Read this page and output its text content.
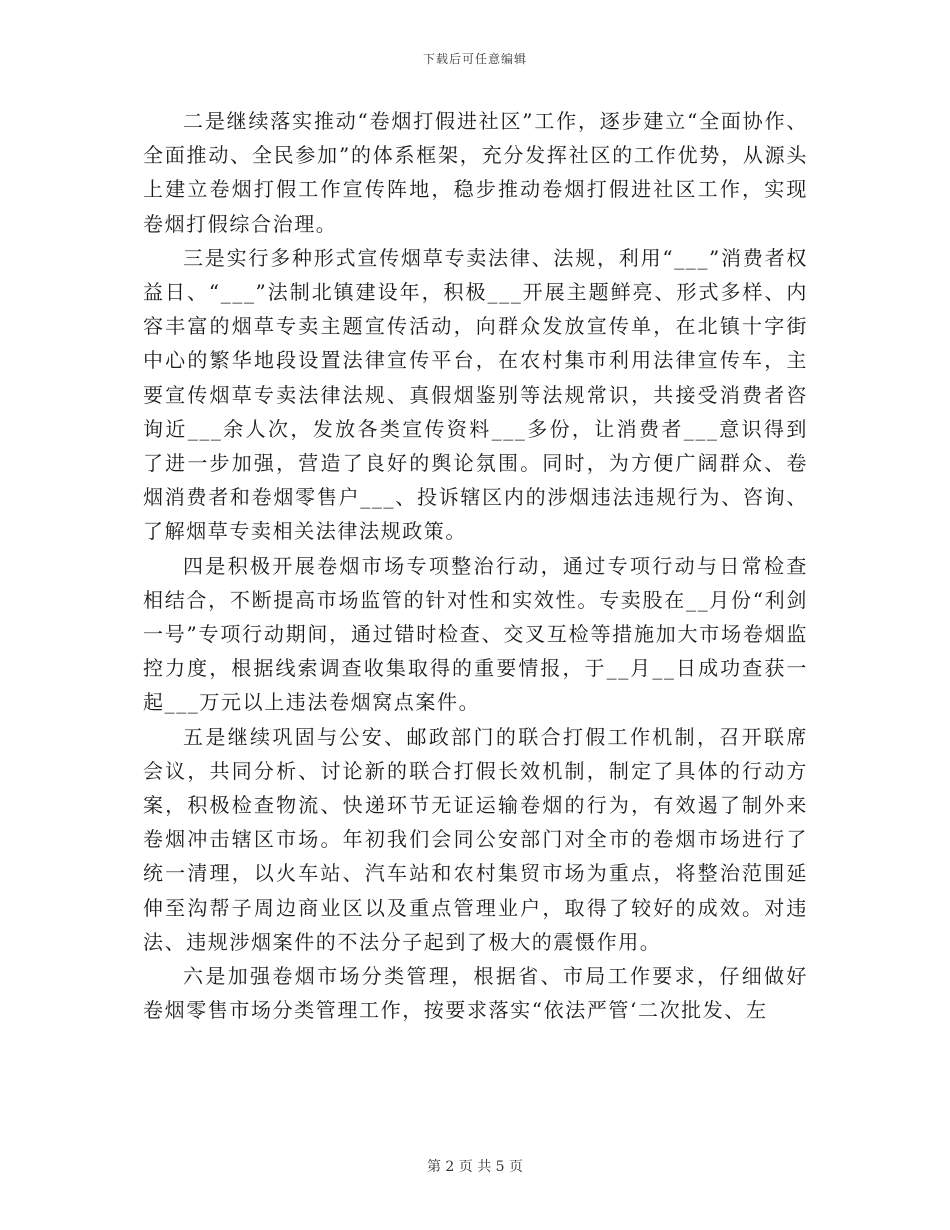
下载后可任意编辑

二是继续落实推动“卷烟打假进社区”工作，逐步建立“全面协作、全面推动、全民参加”的体系框架，充分发挥社区的工作优势，从源头上建立卷烟打假工作宣传阵地，稳步推动卷烟打假进社区工作，实现卷烟打假综合治理。

三是实行多种形式宣传烟草专卖法律、法规，利用“___”消费者权益日、“___”法制北镇建设年，积极___开展主题鲜亮、形式多样、内容丰富的烟草专卖主题宣传活动，向群众发放宣传单，在北镇十字街中心的繁华地段设置法律宣传平台，在农村集市利用法律宣传车，主要宣传烟草专卖法律法规、真假烟鉴别等法规常识，共接受消费者咨询近___余人次，发放各类宣传资料___多份，让消费者___意识得到了进一步加强，营造了良好的舆论氛围。同时，为方便广阔群众、卷烟消费者和卷烟零售户___、投诉辖区内的涉烟违法违规行为、咨询、了解烟草专卖相关法律法规政策。

四是积极开展卷烟市场专项整治行动，通过专项行动与日常检查相结合，不断提高市场监管的针对性和实效性。专卖股在__月份“利剑一号”专项行动期间，通过错时检查、交叉互检等措施加大市场卷烟监控力度，根据线索调查收集取得的重要情报，于__月__日成功查获一起___万元以上违法卷烟窝点案件。

五是继续巩固与公安、邮政部门的联合打假工作机制，召开联席会议，共同分析、讨论新的联合打假长效机制，制定了具体的行动方案，积极检查物流、快递环节无证运输卷烟的行为，有效遏了制外来卷烟冲击辖区市场。年初我们会同公安部门对全市的卷烟市场进行了统一清理，以火车站、汽车站和农村集贸市场为重点，将整治范围延伸至沟帮子周边商业区以及重点管理业户，取得了较好的成效。对违法、违规涉烟案件的不法分子起到了极大的震慑作用。

六是加强卷烟市场分类管理，根据省、市局工作要求，仔细做好卷烟零售市场分类管理工作，按要求落实“依法严管‘二次批发、左

第 2 页 共 5 页
